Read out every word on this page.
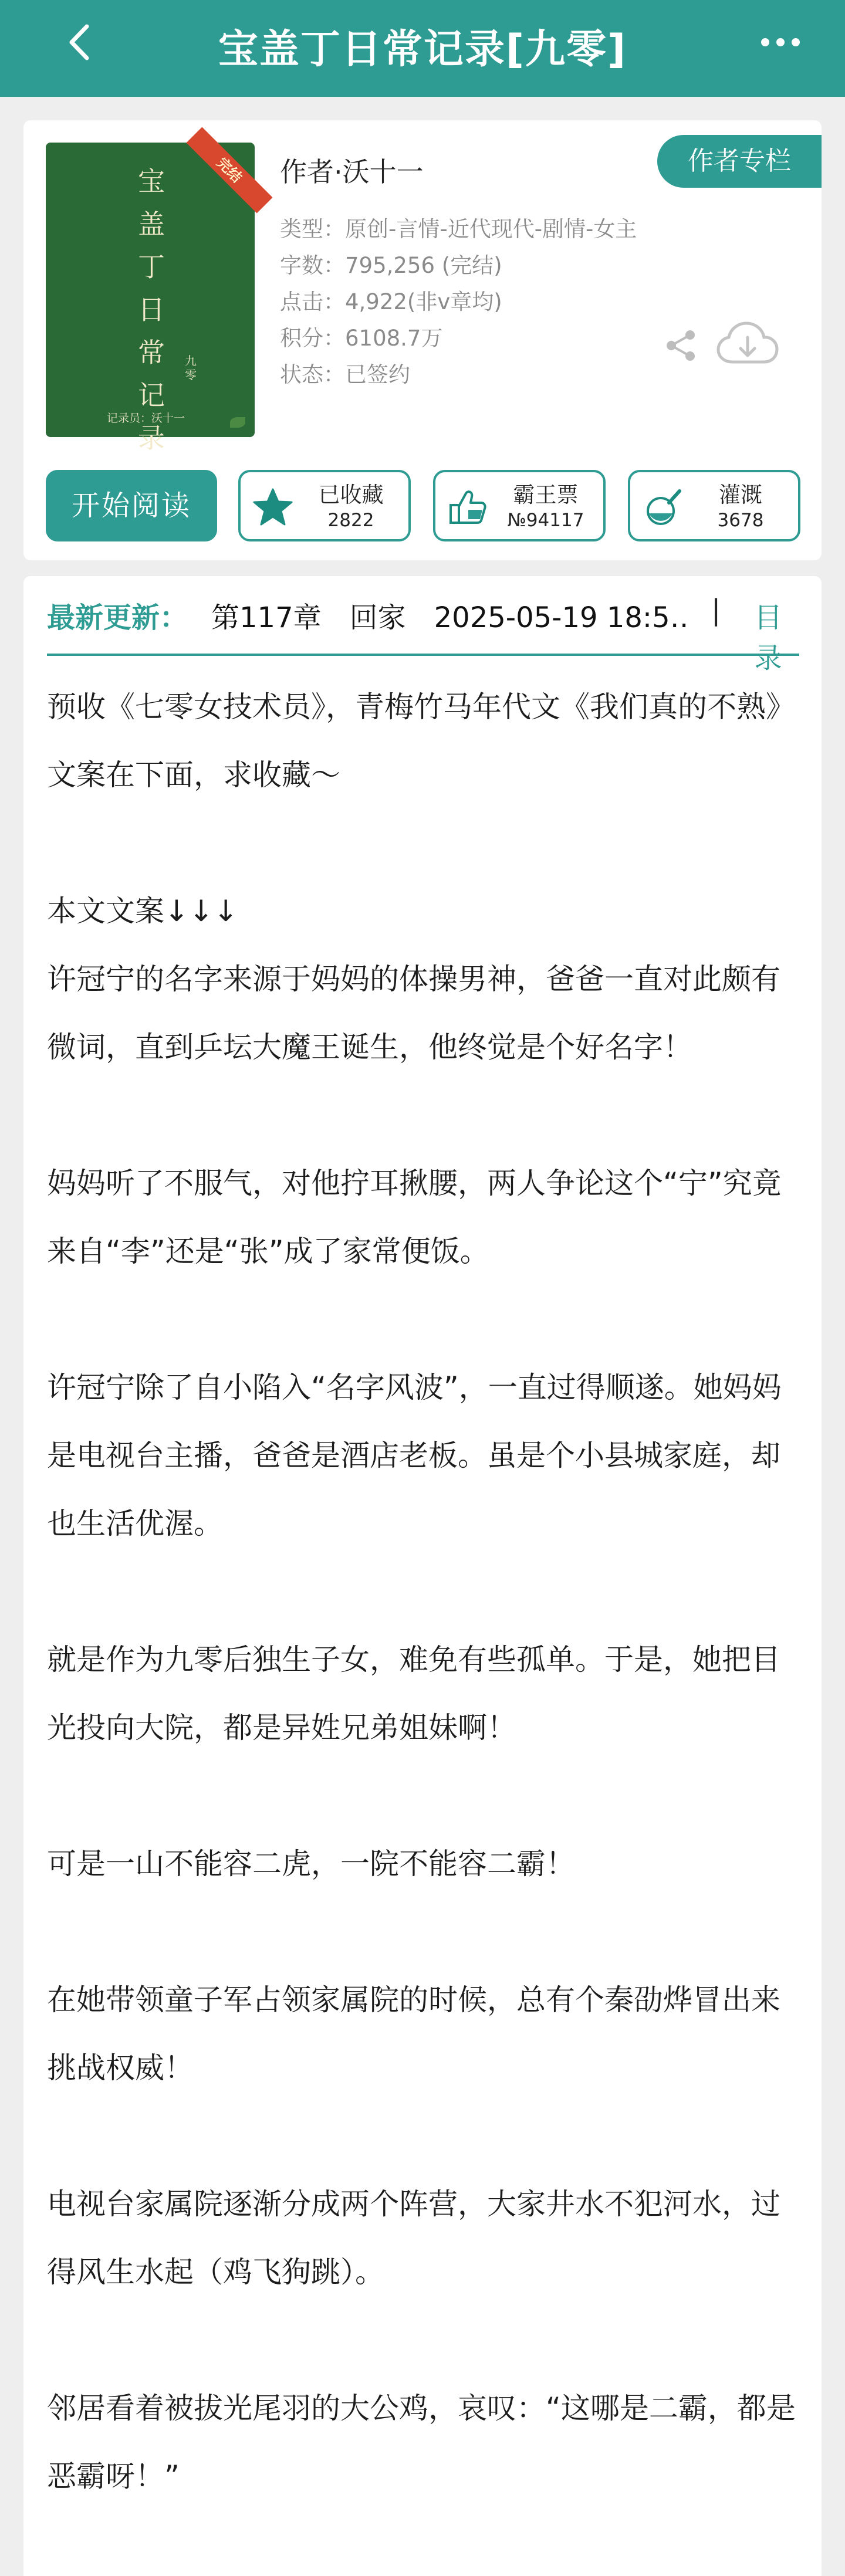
宝盖丁日常记录[九零]
宝
盖
丁
日
常
记
录
九
零
记录员：沃十一
完结	作者·沃十一	作者专栏
类型：原创-言情-近代现代-剧情-女主
字数：795,256 (完结)
点击：4,922(非v章均)
积分：6108.7万
状态：已签约
开始阅读	已收藏
2822
霸王票
№94117
灌溉
3678
最新更新： 第117章　回家　2025-05-19 18:5‥ | 目录

预收《七零女技术员》，青梅竹马年代文《我们真的不熟》文案在下面，求收藏～

本文文案↓↓↓

许冠宁的名字来源于妈妈的体操男神，爸爸一直对此颇有微词，直到乒坛大魔王诞生，他终觉是个好名字！

妈妈听了不服气，对他拧耳揪腰，两人争论这个“宁”究竟来自“李”还是“张”成了家常便饭。

许冠宁除了自小陷入“名字风波”，一直过得顺遂。她妈妈是电视台主播，爸爸是酒店老板。虽是个小县城家庭，却也生活优渥。

就是作为九零后独生子女，难免有些孤单。于是，她把目光投向大院，都是异姓兄弟姐妹啊！

可是一山不能容二虎，一院不能容二霸！

在她带领童子军占领家属院的时候，总有个秦劭烨冒出来挑战权威！

电视台家属院逐渐分成两个阵营，大家井水不犯河水，过得风生水起（鸡飞狗跳）。

邻居看着被拔光尾羽的大公鸡，哀叹：“这哪是二霸，都是恶霸呀！”
